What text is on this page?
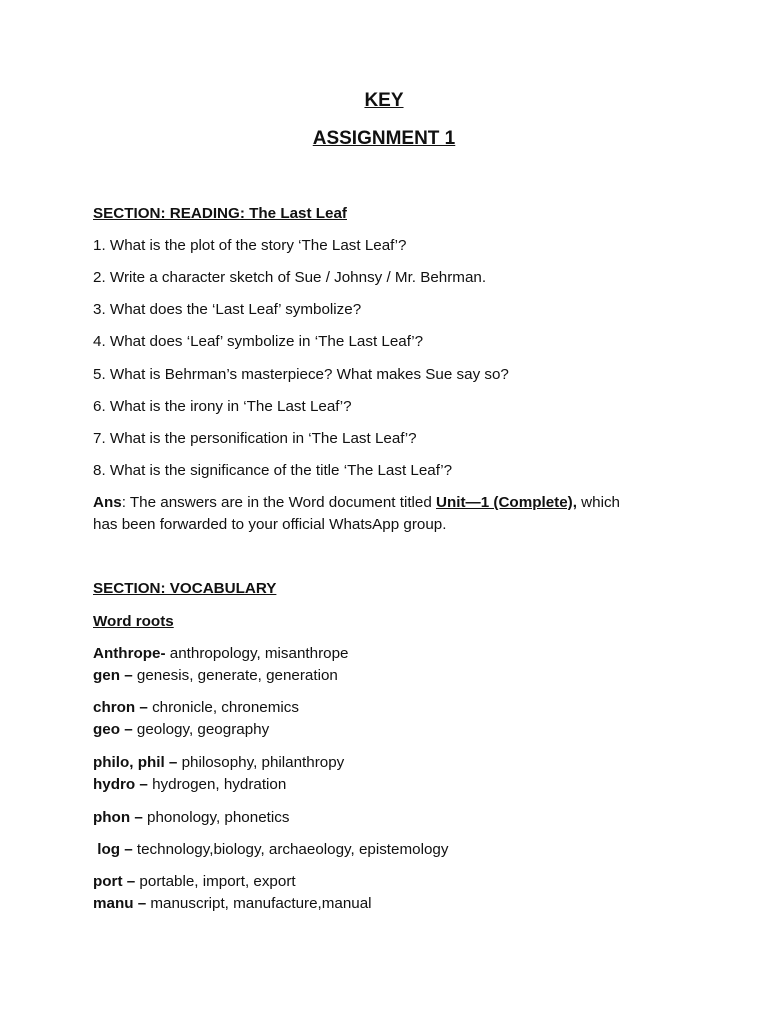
KEY
ASSIGNMENT 1
SECTION: READING: The Last Leaf
1. What is the plot of the story ‘The Last Leaf’?
2. Write a character sketch of Sue / Johnsy / Mr. Behrman.
3. What does the ‘Last Leaf’ symbolize?
4. What does ‘Leaf’ symbolize in ‘The Last Leaf’?
5. What is Behrman’s masterpiece? What makes Sue say so?
6. What is the irony in ‘The Last Leaf’?
7. What is the personification in ‘The Last Leaf’?
8. What is the significance of the title ‘The Last Leaf’?
Ans: The answers are in the Word document titled Unit—1 (Complete), which
has been forwarded to your official WhatsApp group.
SECTION: VOCABULARY
Word roots
Anthrope- anthropology, misanthrope
gen – genesis, generate, generation
chron – chronicle, chronemics
geo – geology, geography
philo, phil – philosophy, philanthropy
hydro – hydrogen, hydration
phon – phonology, phonetics
log – technology,biology, archaeology, epistemology
port – portable, import, export
manu – manuscript, manufacture,manual
